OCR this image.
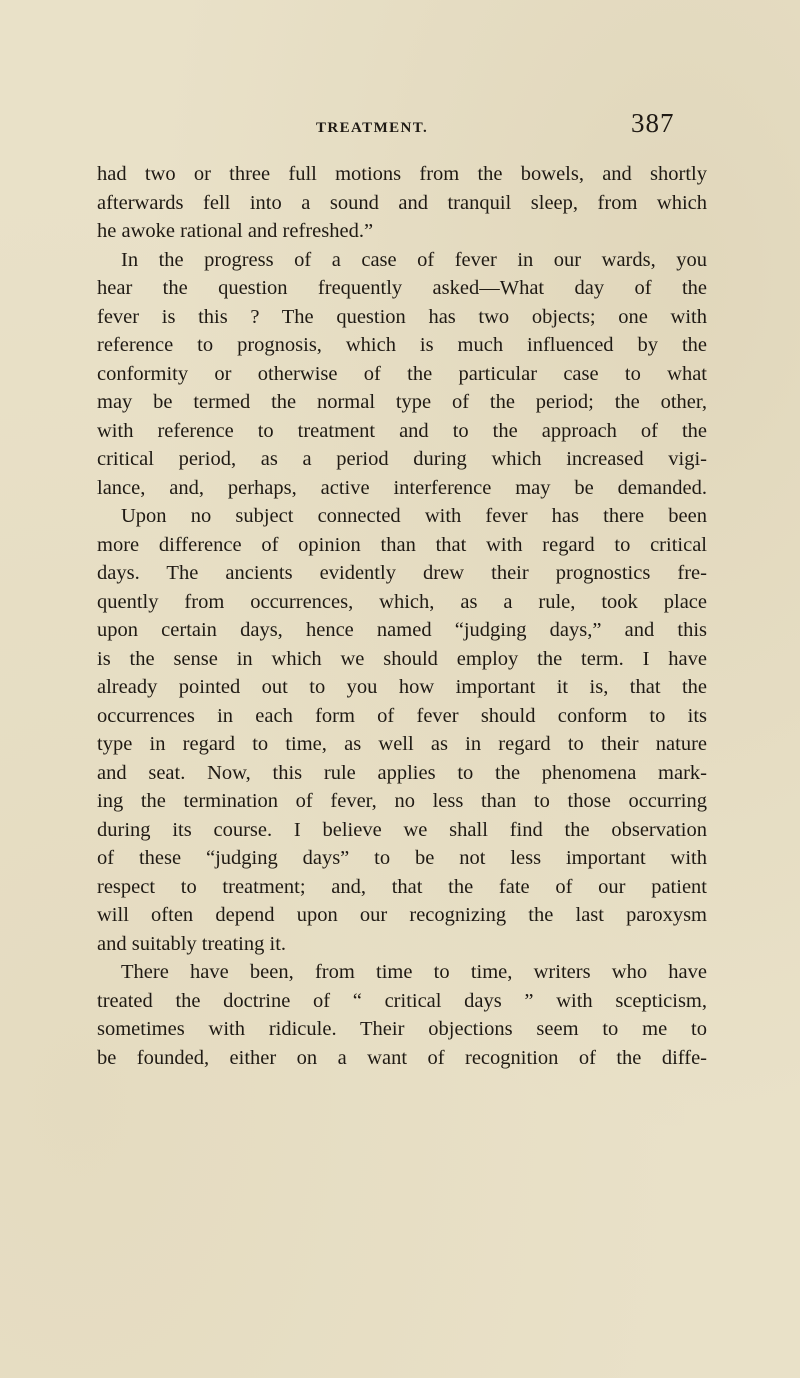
TREATMENT.	387
had two or three full motions from the bowels, and shortly
afterwards fell into a sound and tranquil sleep, from which
he awoke rational and refreshed.”
In the progress of a case of fever in our wards, you
hear the question frequently asked—What day of the
fever is this ? The question has two objects; one with
reference to prognosis, which is much influenced by the
conformity or otherwise of the particular case to what
may be termed the normal type of the period; the other,
with reference to treatment and to the approach of the
critical period, as a period during which increased vigi-
lance, and, perhaps, active interference may be demanded.
Upon no subject connected with fever has there been
more difference of opinion than that with regard to critical
days. The ancients evidently drew their prognostics fre-
quently from occurrences, which, as a rule, took place
upon certain days, hence named “judging days,” and this
is the sense in which we should employ the term. I have
already pointed out to you how important it is, that the
occurrences in each form of fever should conform to its
type in regard to time, as well as in regard to their nature
and seat. Now, this rule applies to the phenomena mark-
ing the termination of fever, no less than to those occurring
during its course. I believe we shall find the observation
of these “judging days” to be not less important with
respect to treatment; and, that the fate of our patient
will often depend upon our recognizing the last paroxysm
and suitably treating it.
There have been, from time to time, writers who have
treated the doctrine of “ critical days ” with scepticism,
sometimes with ridicule. Their objections seem to me to
be founded, either on a want of recognition of the diffe-
